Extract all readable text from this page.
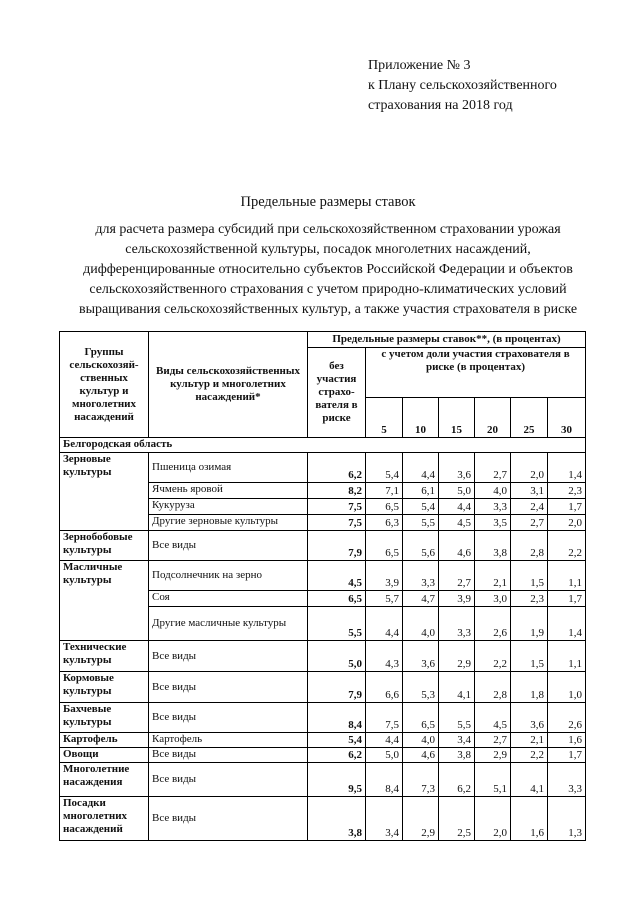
Приложение № 3
к Плану сельскохозяйственного
страхования на 2018 год
Предельные размеры ставок
для расчета размера субсидий при сельскохозяйственном страховании урожая сельскохозяйственной культуры, посадок многолетних насаждений, дифференцированные относительно субъектов Российской Федерации и объектов сельскохозяйственного страхования с учетом природно-климатических условий выращивания сельскохозяйственных культур, а также участия страхователя в риске
Группы сельскохозяй-ственных культур и многолетних насаждений	Виды сельскохозяйственных культур и многолетних насаждений*	Предельные размеры ставок**, (в процентах)						
		без участия страхо-вателя в риске	с учетом доли участия страхователя в риске (в процентах)					
			5	10	15	20	25	30
Белгородская область								
Зерновые культуры	Пшеница озимая	6,2	5,4	4,4	3,6	2,7	2,0	1,4
	Ячмень яровой	8,2	7,1	6,1	5,0	4,0	3,1	2,3
	Кукуруза	7,5	6,5	5,4	4,4	3,3	2,4	1,7
	Другие зерновые культуры	7,5	6,3	5,5	4,5	3,5	2,7	2,0
Зернобобовые культуры	Все виды	7,9	6,5	5,6	4,6	3,8	2,8	2,2
Масличные культуры	Подсолнечник на зерно	4,5	3,9	3,3	2,7	2,1	1,5	1,1
	Соя	6,5	5,7	4,7	3,9	3,0	2,3	1,7
	Другие масличные культуры	5,5	4,4	4,0	3,3	2,6	1,9	1,4
Технические культуры	Все виды	5,0	4,3	3,6	2,9	2,2	1,5	1,1
Кормовые культуры	Все виды	7,9	6,6	5,3	4,1	2,8	1,8	1,0
Бахчевые культуры	Все виды	8,4	7,5	6,5	5,5	4,5	3,6	2,6
Картофель	Картофель	5,4	4,4	4,0	3,4	2,7	2,1	1,6
Овощи	Все виды	6,2	5,0	4,6	3,8	2,9	2,2	1,7
Многолетние насаждения	Все виды	9,5	8,4	7,3	6,2	5,1	4,1	3,3
Посадки многолетних насаждений	Все виды	3,8	3,4	2,9	2,5	2,0	1,6	1,3
